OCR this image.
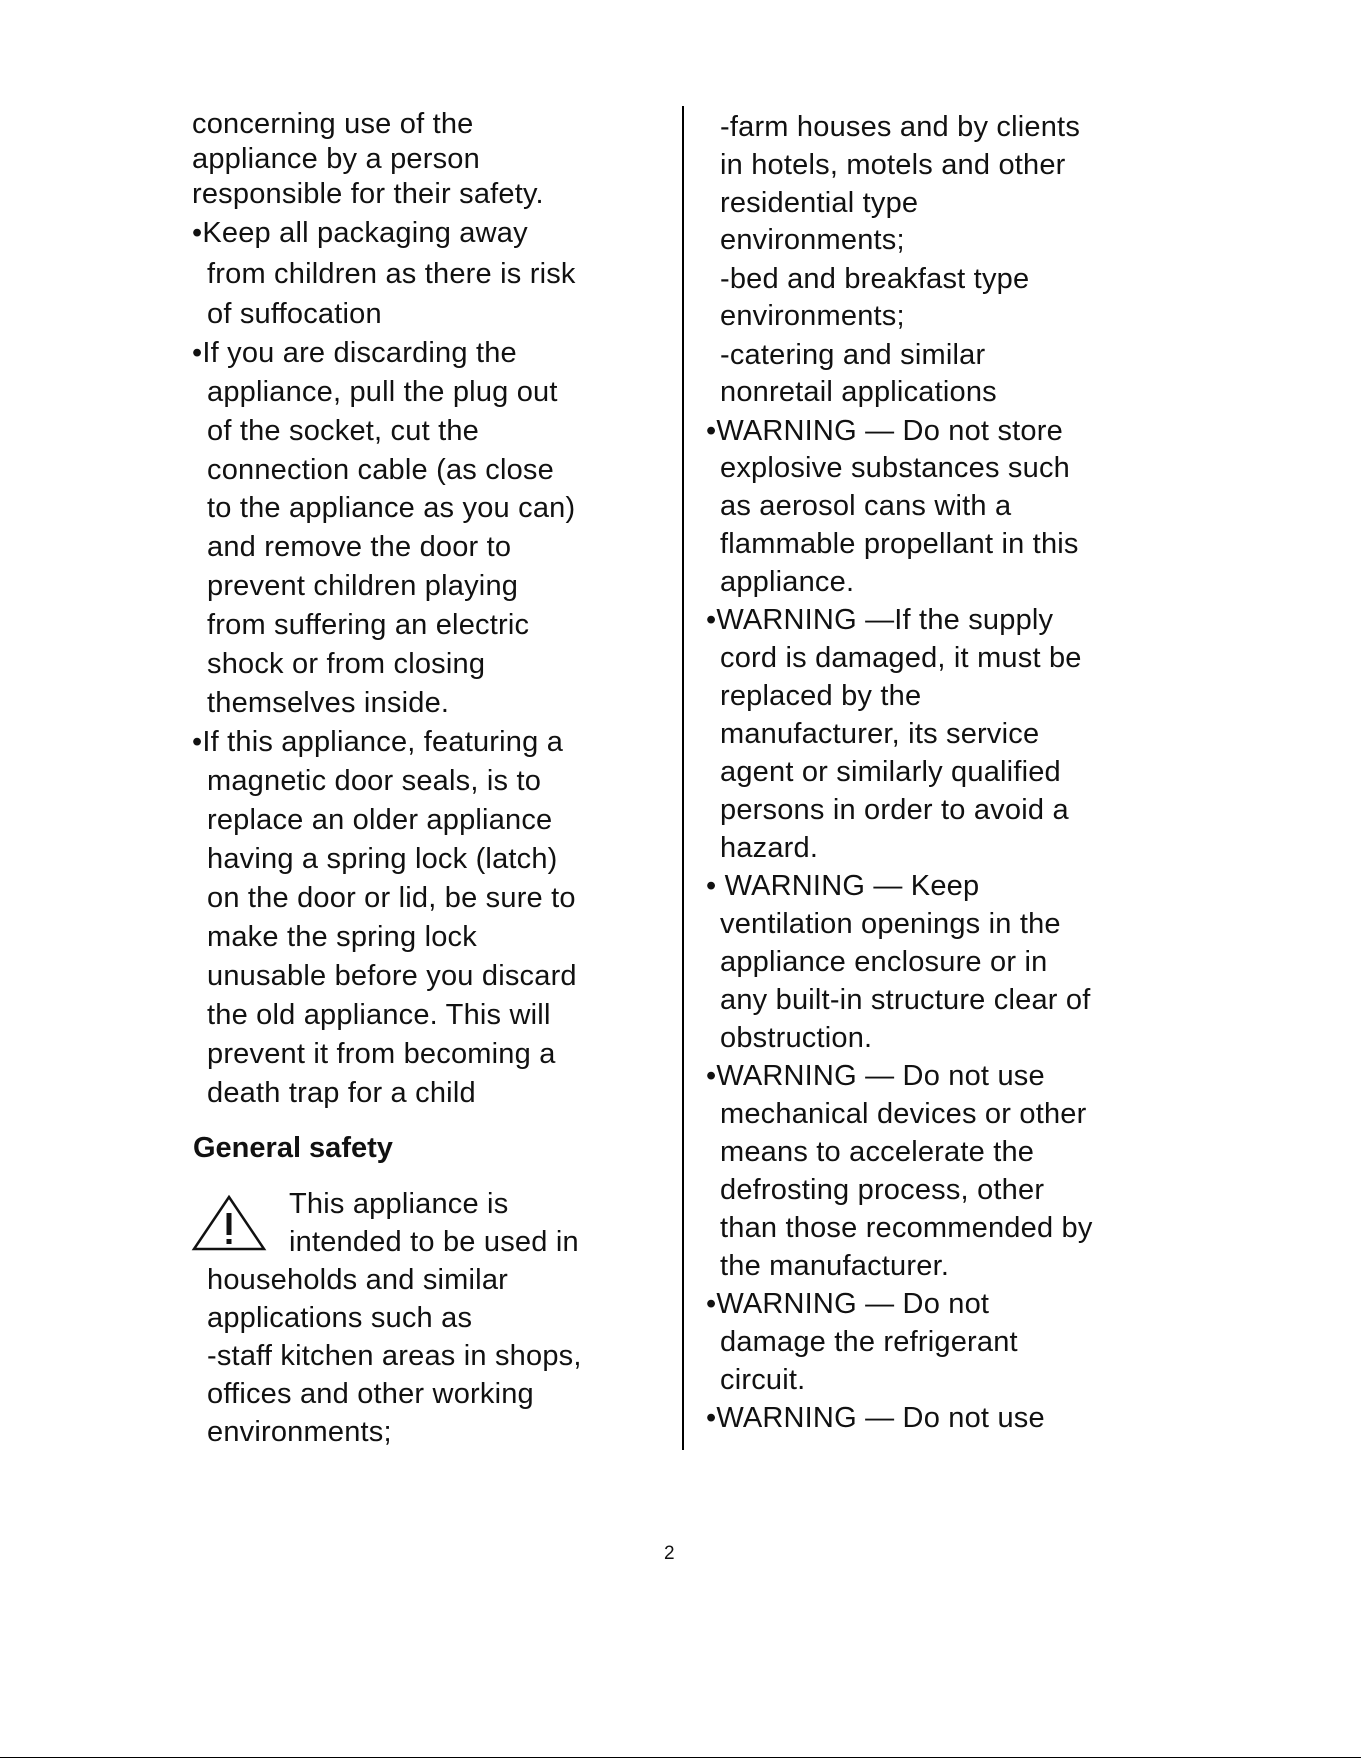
concerning use of the
appliance by a person
responsible for their safety.
•Keep all packaging away
from children as there is risk
of suffocation
•If you are discarding the
appliance, pull the plug out
of the socket, cut the
connection cable (as close
to the appliance as you can)
and remove the door to
prevent children playing
from suffering an electric
shock or from closing
themselves inside.
•If this appliance, featuring a
magnetic door seals, is to
replace an older appliance
having a spring lock (latch)
on the door or lid, be sure to
make the spring lock
unusable before you discard
the old appliance. This will
prevent it from becoming a
death trap for a child
General safety
This appliance is
intended to be used in
households and similar
applications such as
-staff kitchen areas in shops,
offices and other working
environments;
-farm houses and by clients
in hotels, motels and other
residential type
environments;
-bed and breakfast type
environments;
-catering and similar
nonretail applications
•WARNING — Do not store
explosive substances such
as aerosol cans with a
flammable propellant in this
appliance.
•WARNING —If the supply
cord is damaged, it must be
replaced by the
manufacturer, its service
agent or similarly qualified
persons in order to avoid a
hazard.
• WARNING — Keep
ventilation openings in the
appliance enclosure or in
any built-in structure clear of
obstruction.
•WARNING — Do not use
mechanical devices or other
means to accelerate the
defrosting process, other
than those recommended by
the manufacturer.
•WARNING — Do not
damage the refrigerant
circuit.
•WARNING — Do not use
2
